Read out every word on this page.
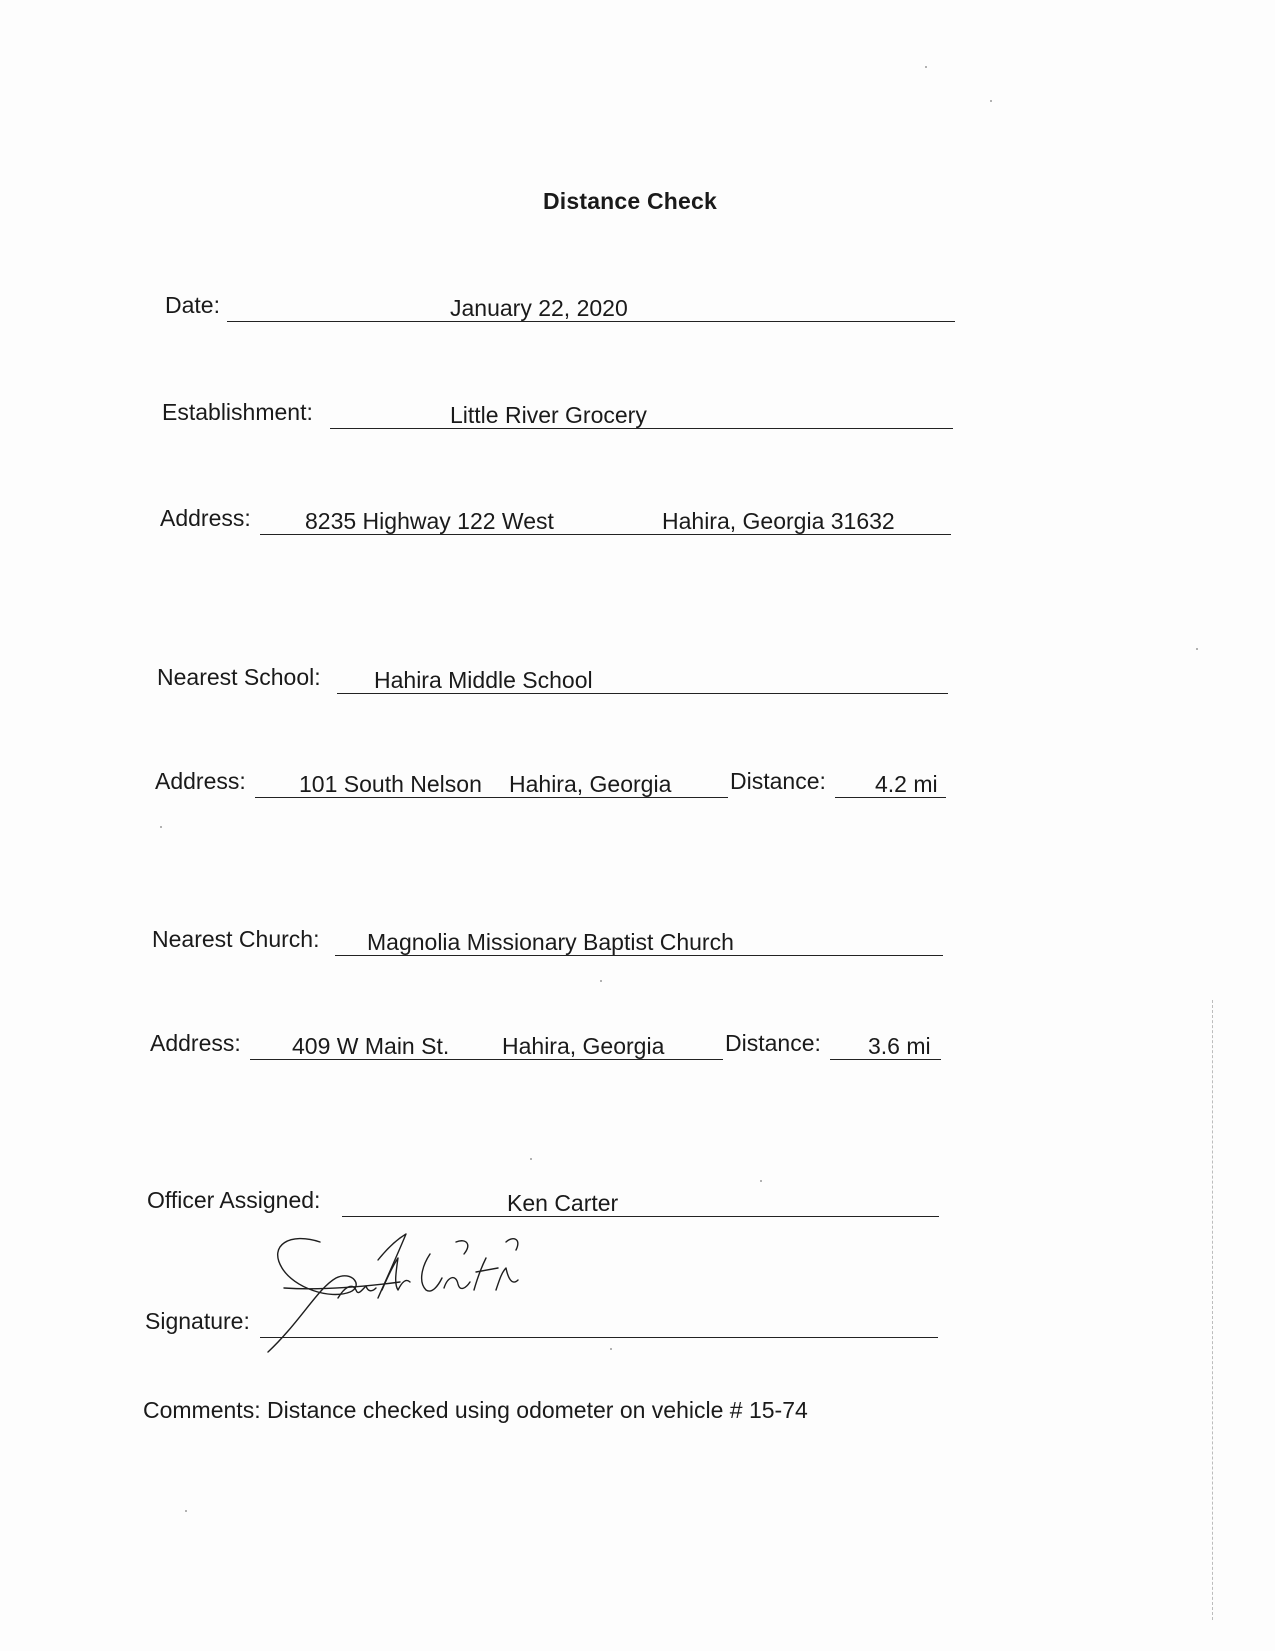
Distance Check
Date:	January 22, 2020
Establishment:	Little River Grocery
Address: 8235 Highway 122 West	Hahira, Georgia 31632
Nearest School: Hahira Middle School
Address: 101 South Nelson Hahira, Georgia	Distance: 4.2 mi
Nearest Church: Magnolia Missionary Baptist Church
Address: 409 W Main St. Hahira, Georgia	Distance: 3.6 mi
Officer Assigned:	Ken Carter
Signature:
Comments: Distance checked using odometer on vehicle # 15-74
